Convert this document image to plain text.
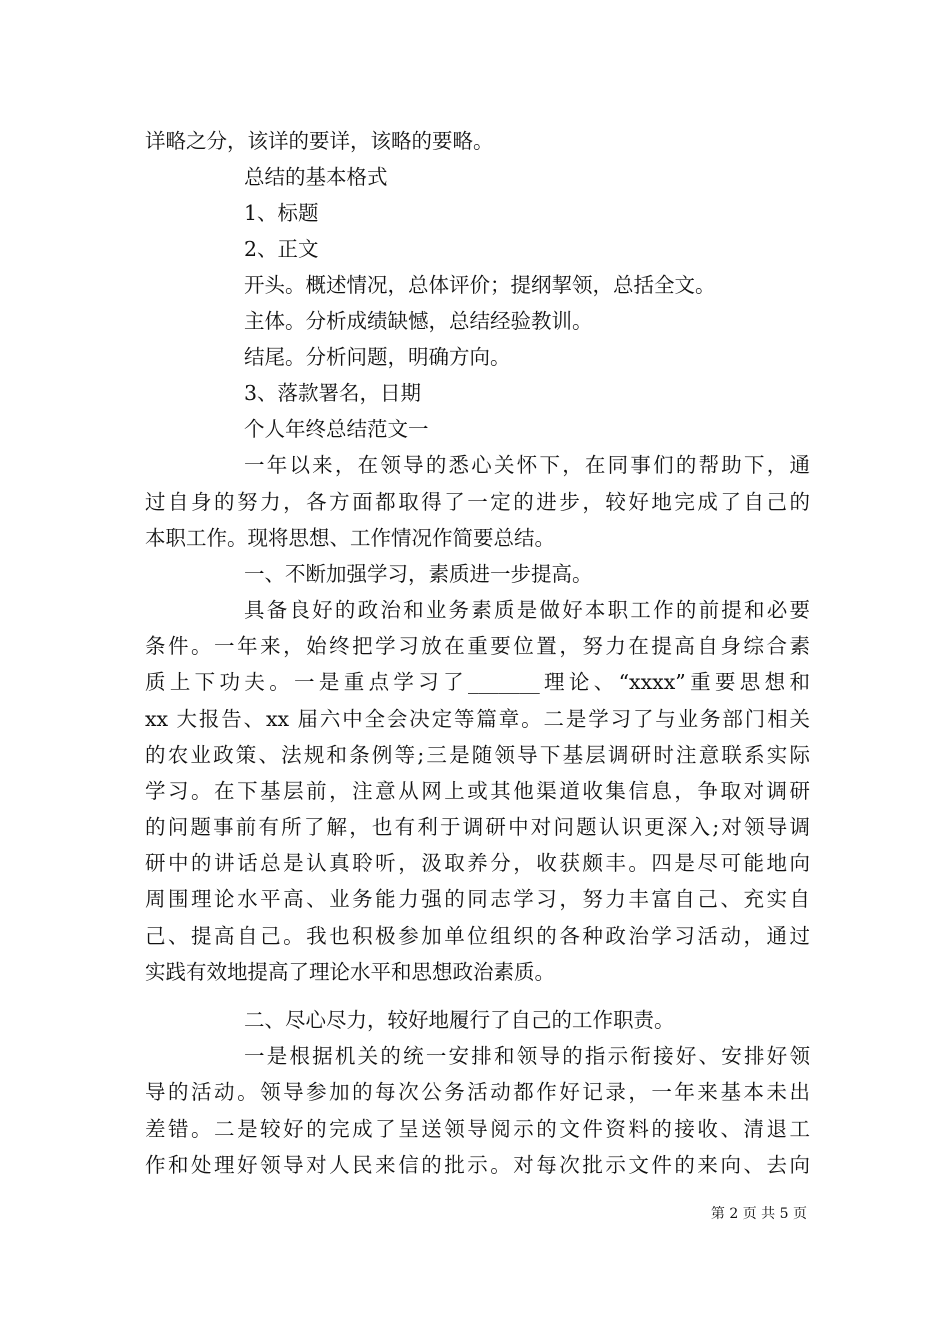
详略之分，该详的要详，该略的要略。
总结的基本格式
1、标题
2、正文
开头。概述情况，总体评价；提纲挈领，总括全文。
主体。分析成绩缺憾，总结经验教训。
结尾。分析问题，明确方向。
3、落款署名，日期
个人年终总结范文一
一年以来，在领导的悉心关怀下，在同事们的帮助下，通
过自身的努力，各方面都取得了一定的进步，较好地完成了自己的
本职工作。现将思想、工作情况作简要总结。
一、不断加强学习，素质进一步提高。
具备良好的政治和业务素质是做好本职工作的前提和必要
条件。一年来，始终把学习放在重要位置，努力在提高自身综合素
质上下功夫。一是重点学习了_______理论、“xxxx”重要思想和
xx 大报告、xx 届六中全会决定等篇章。二是学习了与业务部门相关
的农业政策、法规和条例等;三是随领导下基层调研时注意联系实际
学习。在下基层前，注意从网上或其他渠道收集信息，争取对调研
的问题事前有所了解，也有利于调研中对问题认识更深入;对领导调
研中的讲话总是认真聆听，汲取养分，收获颇丰。四是尽可能地向
周围理论水平高、业务能力强的同志学习，努力丰富自己、充实自
己、提高自己。我也积极参加单位组织的各种政治学习活动，通过
实践有效地提高了理论水平和思想政治素质。
二、尽心尽力，较好地履行了自己的工作职责。
一是根据机关的统一安排和领导的指示衔接好、安排好领
导的活动。领导参加的每次公务活动都作好记录，一年来基本未出
差错。二是较好的完成了呈送领导阅示的文件资料的接收、清退工
作和处理好领导对人民来信的批示。对每次批示文件的来向、去向
第 2 页 共 5 页
